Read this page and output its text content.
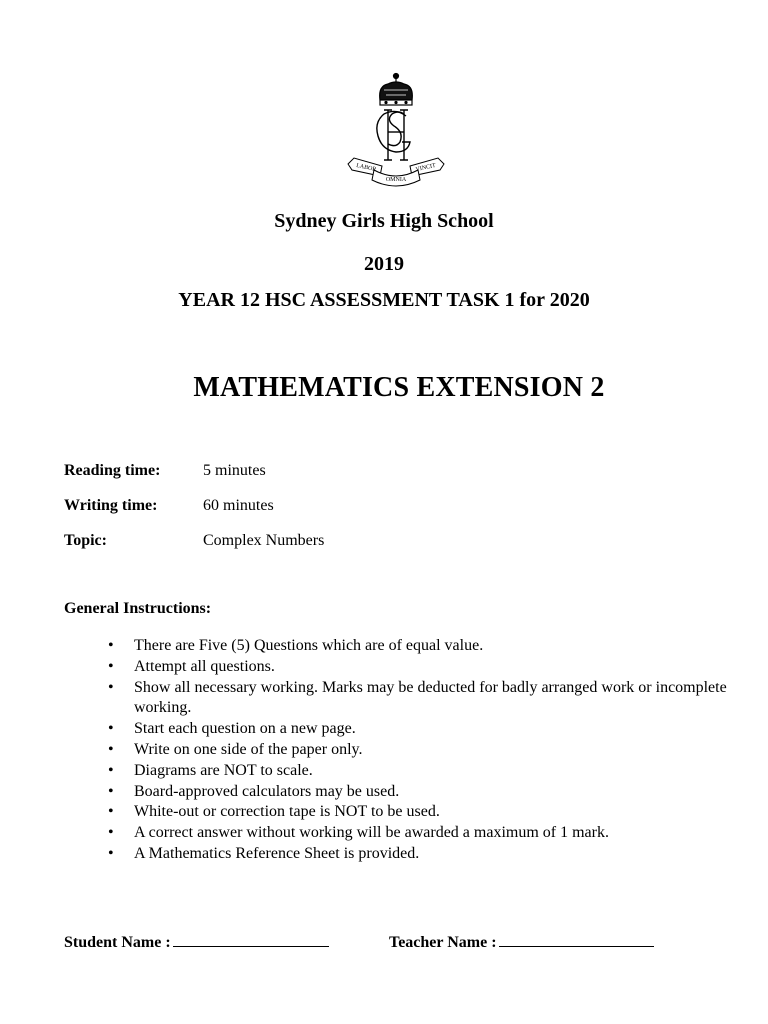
LABOR
OMNIA
VINCIT
Sydney Girls High School
2019
YEAR 12 HSC ASSESSMENT TASK 1 for 2020
MATHEMATICS EXTENSION 2
Reading time:	5 minutes
Writing time:	60 minutes
Topic:	Complex Numbers
General Instructions:
• There are Five (5) Questions which are of equal value.
• Attempt all questions.
• Show all necessary working. Marks may be deducted for badly arranged work or incomplete working.
• Start each question on a new page.
• Write on one side of the paper only.
• Diagrams are NOT to scale.
• Board-approved calculators may be used.
• White-out or correction tape is NOT to be used.
• A correct answer without working will be awarded a maximum of 1 mark.
• A Mathematics Reference Sheet is provided.
Student Name :	Teacher Name :
